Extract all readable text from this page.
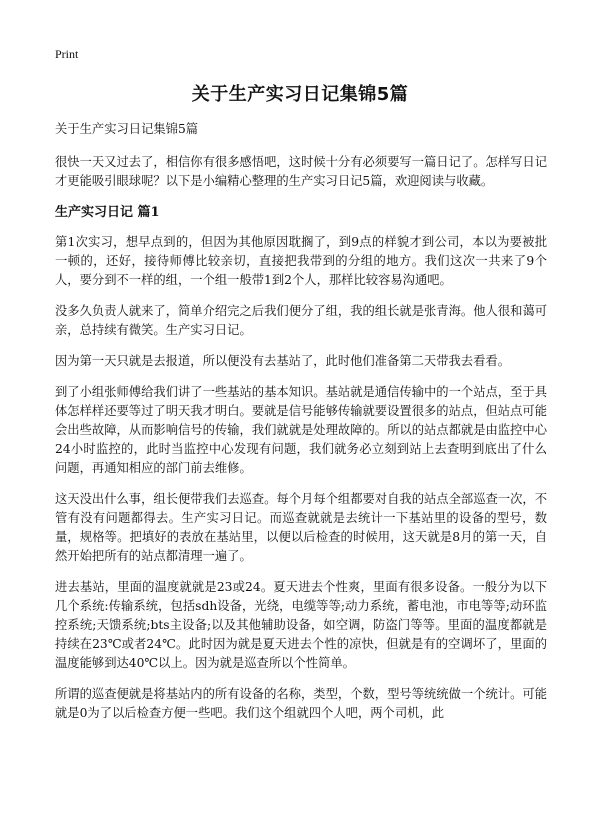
Print
关于生产实习日记集锦5篇

关于生产实习日记集锦5篇

很快一天又过去了，相信你有很多感悟吧，这时候十分有必须要写一篇日记了。怎样写日记才更能吸引眼球呢？以下是小编精心整理的生产实习日记5篇，欢迎阅读与收藏。

生产实习日记 篇1

第1次实习，想早点到的，但因为其他原因耽搁了，到9点的样貌才到公司，本以为要被批一顿的，还好，接待师傅比较亲切，直接把我带到的分组的地方。我们这次一共来了9个人，要分到不一样的组，一个组一般带1到2个人，那样比较容易沟通吧。

没多久负责人就来了，简单介绍完之后我们便分了组，我的组长就是张青海。他人很和蔼可亲，总持续有微笑。生产实习日记。

因为第一天只就是去报道，所以便没有去基站了，此时他们准备第二天带我去看看。

到了小组张师傅给我们讲了一些基站的基本知识。基站就是通信传输中的一个站点，至于具体怎样样还要等过了明天我才明白。要就是信号能够传输就要设置很多的站点，但站点可能会出些故障，从而影响信号的传输，我们就就是处理故障的。所以的站点都就是由监控中心24小时监控的，此时当监控中心发现有问题，我们就务必立刻到站上去查明到底出了什么问题，再通知相应的部门前去维修。

这天没出什么事，组长便带我们去巡查。每个月每个组都要对自我的站点全部巡查一次，不管有没有问题都得去。生产实习日记。而巡查就就是去统计一下基站里的设备的型号，数量，规格等。把填好的表放在基站里，以便以后检查的时候用，这天就是8月的第一天，自然开始把所有的站点都清理一遍了。

进去基站，里面的温度就就是23或24。夏天进去个性爽，里面有很多设备。一般分为以下几个系统:传输系统，包括sdh设备，光绕，电缆等等;动力系统，蓄电池，市电等等;动环监控系统;天馈系统;bts主设备;以及其他辅助设备，如空调，防盗门等等。里面的温度都就是持续在23℃或者24℃。此时因为就是夏天进去个性的凉快，但就是有的空调坏了，里面的温度能够到达40℃以上。因为就是巡查所以个性简单。

所谓的巡查便就是将基站内的所有设备的名称，类型，个数，型号等统统做一个统计。可能就是0为了以后检查方便一些吧。我们这个组就四个人吧，两个司机，此
